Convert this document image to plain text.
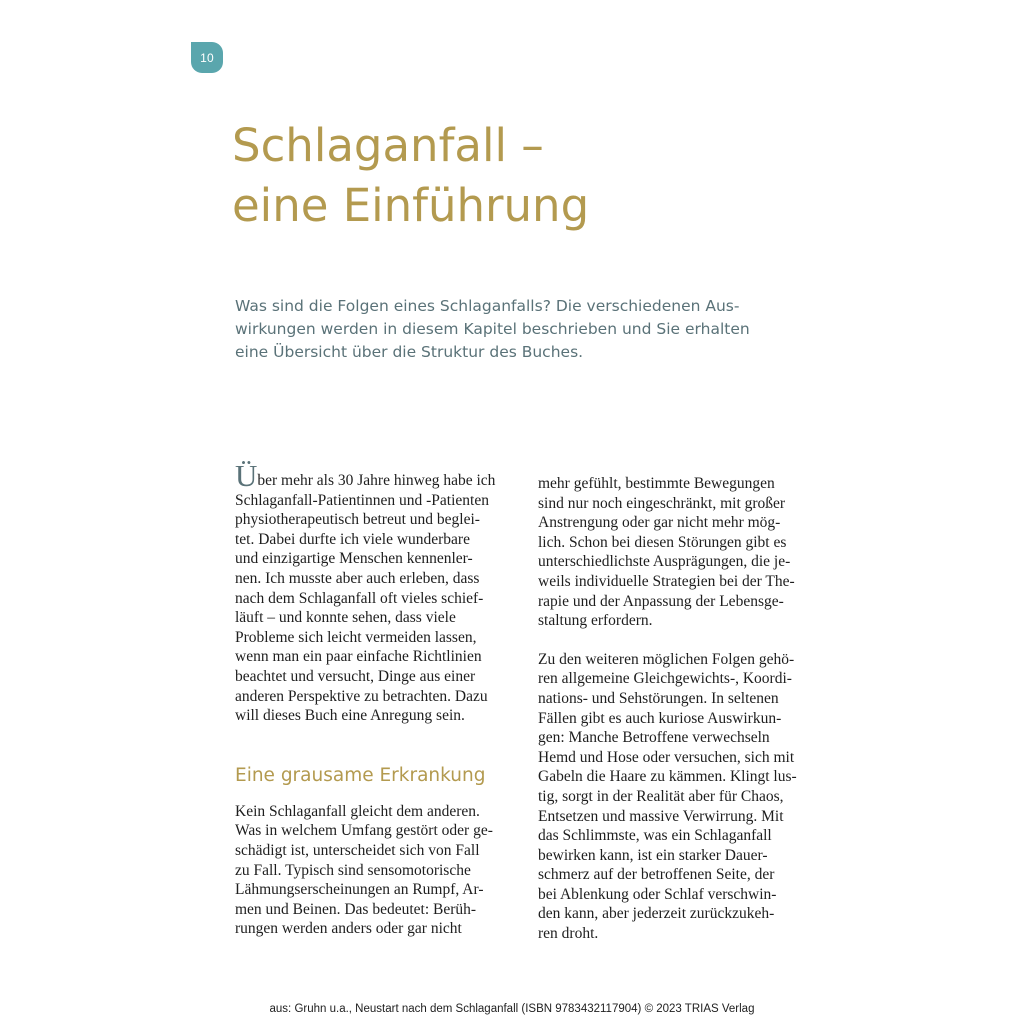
10
Schlaganfall –
eine Einführung

Was sind die Folgen eines Schlaganfalls? Die verschiedenen Aus-
wirkungen werden in diesem Kapitel beschrieben und Sie erhalten
eine Übersicht über die Struktur des Buches.

Über mehr als 30 Jahre hinweg habe ich
Schlaganfall-Patientinnen und -Patienten
physiotherapeutisch betreut und beglei-
tet. Dabei durfte ich viele wunderbare
und einzigartige Menschen kennenler-
nen. Ich musste aber auch erleben, dass
nach dem Schlaganfall oft vieles schief-
läuft – und konnte sehen, dass viele
Probleme sich leicht vermeiden lassen,
wenn man ein paar einfache Richtlinien
beachtet und versucht, Dinge aus einer
anderen Perspektive zu betrachten. Dazu
will dieses Buch eine Anregung sein.

Eine grausame Erkrankung

Kein Schlaganfall gleicht dem anderen.
Was in welchem Umfang gestört oder ge-
schädigt ist, unterscheidet sich von Fall
zu Fall. Typisch sind sensomotorische
Lähmungserscheinungen an Rumpf, Ar-
men und Beinen. Das bedeutet: Berüh-
rungen werden anders oder gar nicht

mehr gefühlt, bestimmte Bewegungen
sind nur noch eingeschränkt, mit großer
Anstrengung oder gar nicht mehr mög-
lich. Schon bei diesen Störungen gibt es
unterschiedlichste Ausprägungen, die je-
weils individuelle Strategien bei der The-
rapie und der Anpassung der Lebensge-
staltung erfordern.

Zu den weiteren möglichen Folgen gehö-
ren allgemeine Gleichgewichts-, Koordi-
nations- und Sehstörungen. In seltenen
Fällen gibt es auch kuriose Auswirkun-
gen: Manche Betroffene verwechseln
Hemd und Hose oder versuchen, sich mit
Gabeln die Haare zu kämmen. Klingt lus-
tig, sorgt in der Realität aber für Chaos,
Entsetzen und massive Verwirrung. Mit
das Schlimmste, was ein Schlaganfall
bewirken kann, ist ein starker Dauer-
schmerz auf der betroffenen Seite, der
bei Ablenkung oder Schlaf verschwin-
den kann, aber jederzeit zurückzukeh-
ren droht.

aus: Gruhn u.a., Neustart nach dem Schlaganfall (ISBN 9783432117904) © 2023 TRIAS Verlag
